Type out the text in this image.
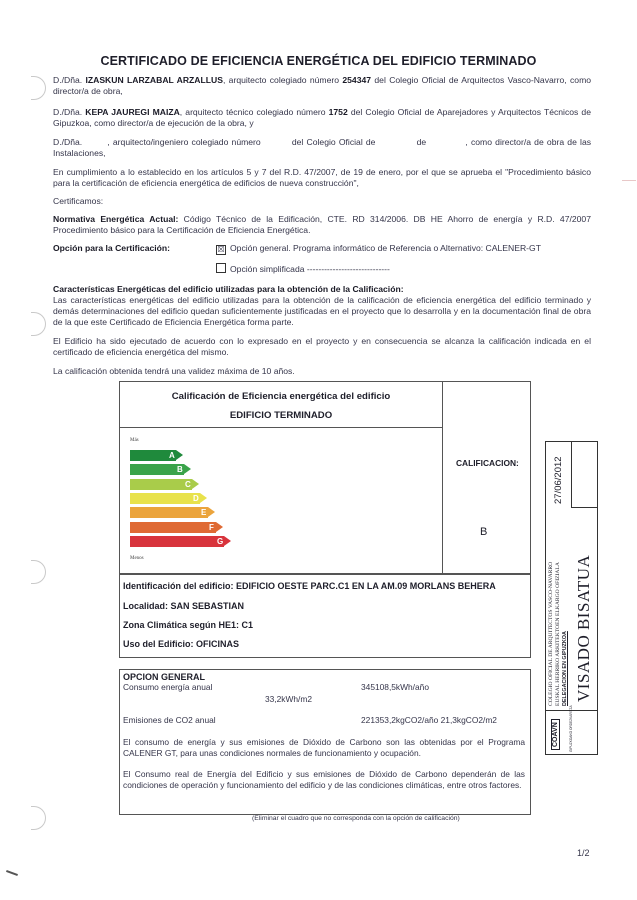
CERTIFICADO DE EFICIENCIA ENERGÉTICA DEL EDIFICIO TERMINADO
D./Dña. IZASKUN LARZABAL ARZALLUS, arquitecto colegiado número 254347 del Colegio Oficial de Arquitectos Vasco-Navarro, como director/a de obra,
D./Dña. KEPA JAUREGI MAIZA, arquitecto técnico colegiado número 1752 del Colegio Oficial de Aparejadores y Arquitectos Técnicos de Gipuzkoa, como director/a de ejecución de la obra, y
D./Dña.	, arquitecto/ingeniero colegiado número	del Colegio Oficial de	de	, como director/a de obra de las Instalaciones,
En cumplimiento a lo establecido en los artículos 5 y 7 del R.D. 47/2007, de 19 de enero, por el que se aprueba el "Procedimiento básico para la certificación de eficiencia energética de edificios de nueva construcción",
Certificamos:
Normativa Energética Actual: Código Técnico de la Edificación, CTE. RD 314/2006. DB HE Ahorro de energía y R.D. 47/2007 Procedimiento básico para la Certificación de Eficiencia Energética.
Opción para la Certificación:	☒ Opción general. Programa informático de Referencia o Alternativo: CALENER-GT
Opción simplificada -----------------------------
Características Energéticas del edificio utilizadas para la obtención de la Calificación:
Las características energéticas del edificio utilizadas para la obtención de la calificación de eficiencia energética del edificio terminado y demás determinaciones del edificio quedan suficientemente justificadas en el proyecto que lo desarrolla y en la documentación final de obra de la que este Certificado de Eficiencia Energética forma parte.
El Edificio ha sido ejecutado de acuerdo con lo expresado en el proyecto y en consecuencia se alcanza la calificación indicada en el certificado de eficiencia energética del mismo.
La calificación obtenida tendrá una validez máxima de 10 años.
Calificación de Eficiencia energética del edificio
EDIFICIO TERMINADO
Más
A
B
C
D
E
F
G
Menos
CALIFICACION:
B
Identificación del edificio: EDIFICIO OESTE PARC.C1 EN LA AM.09 MORLANS BEHERA
Localidad: SAN SEBASTIAN
Zona Climática según HE1: C1
Uso del Edificio: OFICINAS
OPCION GENERAL
Consumo energía anual	345108,5kWh/año
33,2kWh/m2
Emisiones de CO2 anual	221353,2kgCO2/año 21,3kgCO2/m2
El consumo de energía y sus emisiones de Dióxido de Carbono son las obtenidas por el Programa CALENER GT, para unas condiciones normales de funcionamiento y ocupación.
El Consumo real de Energía del Edificio y sus emisiones de Dióxido de Carbono dependerán de las condiciones de operación y funcionamiento del edificio y de las condiciones climáticas, entre otros factores.
(Eliminar el cuadro que no corresponda con la opción de calificación)
VISADO BISATUA
27/06/2012
COLEGIO OFICIAL DE ARQUITECTOS VASCO-NAVARRO EUSKAL HERRIKO ARKITEKTOEN ELKARGO OFIZIALA DELEGACION EN GIPUZKOA
COAVN	GIPUZKOAKO ORDEZKARITZA
1/2
